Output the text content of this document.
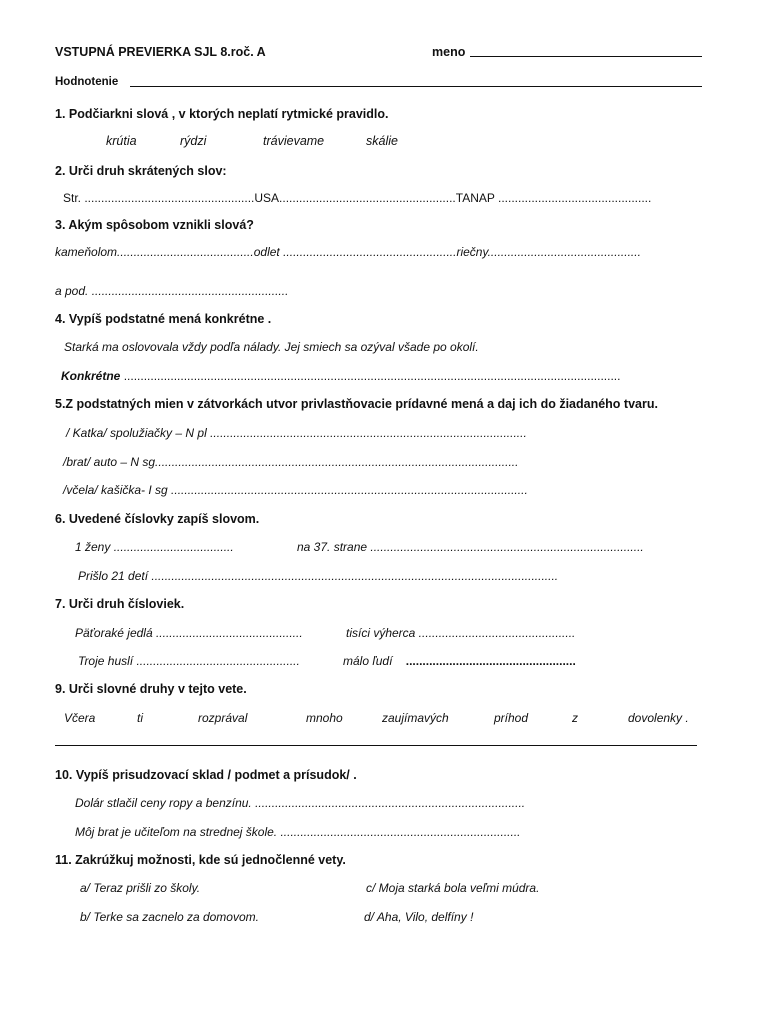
VSTUPNÁ PREVIERKA SJL 8.roč. A	meno
Hodnotenie
1. Podčiarkni slová , v ktorých neplatí rytmické pravidlo.
krútia	rýdzi	trávievame	skálie
2. Urči druh skrátených slov:
Str. ...................................................USA.....................................................TANAP ..............................................
3. Akým spôsobom vznikli slová?
kameňolom.........................................odlet ....................................................riečny..............................................
a pod. ...........................................................
4. Vypíš podstatné mená konkrétne .
Starká ma oslovovala vždy podľa nálady. Jej smiech sa ozýval všade po okolí.
Konkrétne .....................................................................................................................................................
5.Z podstatných mien v zátvorkách utvor privlastňovacie prídavné mená a daj ich do žiadaného tvaru.
/ Katka/ spolužiačky – N pl ...............................................................................................
/brat/ auto – N sg.............................................................................................................
/včela/ kašička- I sg ...........................................................................................................
6. Uvedené číslovky zapíš slovom.
1 ženy ....................................	na 37. strane ..................................................................................
Prišlo 21 detí ..........................................................................................................................
7. Urči druh čísloviek.
Päťoraké jedlá ............................................	tisíci výherca ...............................................
Troje huslí .................................................	málo ľudí ...................................................
9. Urči slovné druhy v tejto vete.
Včera	ti	rozprával	mnoho	zaujímavých	príhod	z	dovolenky .
10. Vypíš prisudzovací sklad / podmet a prísudok/ .
Dolár stlačil ceny ropy a benzínu. .................................................................................
Môj brat je učiteľom na strednej škole. ........................................................................
11. Zakrúžkuj možnosti, kde sú jednočlenné vety.
a/ Teraz prišli zo školy.	c/ Moja starká bola veľmi múdra.
b/ Terke sa zacnelo za domovom.	d/ Aha, Vilo, delfíny !
